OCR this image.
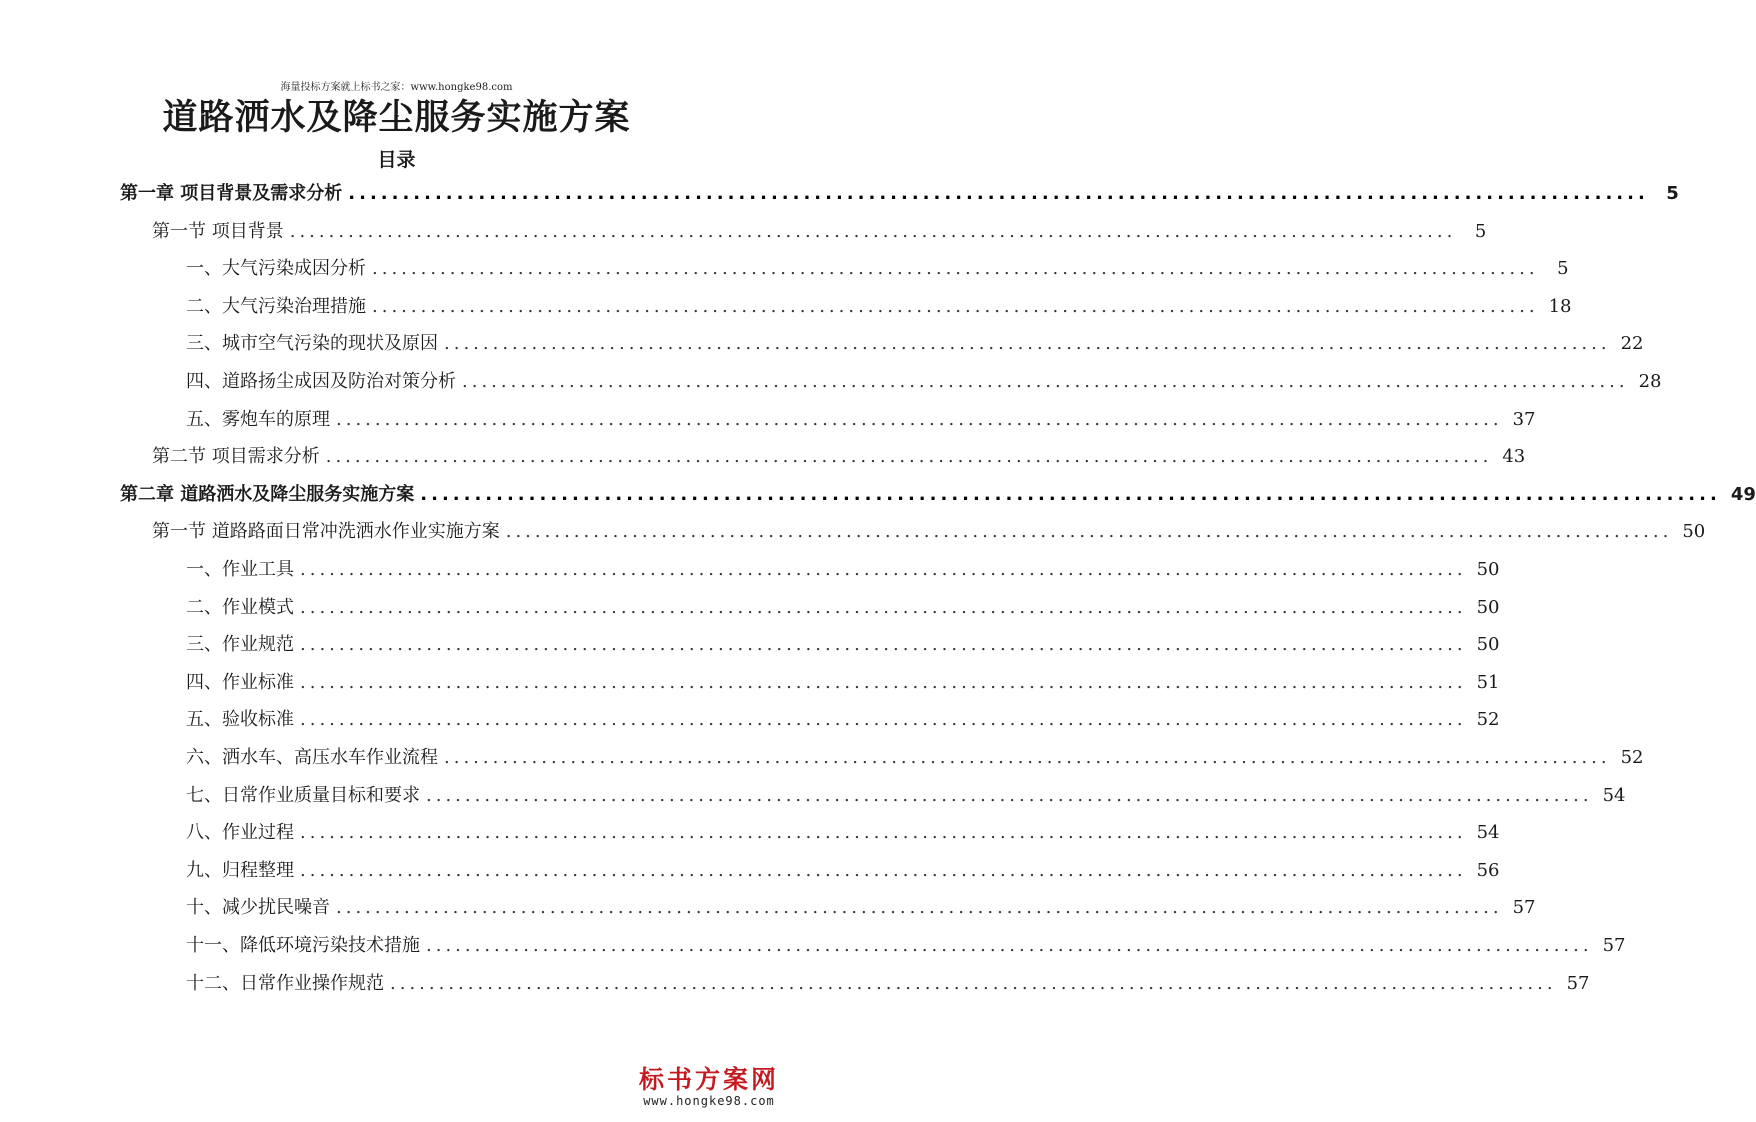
海量投标方案就上标书之家：www.hongke98.com
道路洒水及降尘服务实施方案
目录
第一章 项目背景及需求分析 ........................................................................................................................ 5
第一节 项目背景 ........................................................................................................................	5
一、大气污染成因分析 ........................................................................................................................	5
二、大气污染治理措施 ........................................................................................................................ 18
三、城市空气污染的现状及原因 ........................................................................................................................ 22
四、道路扬尘成因及防治对策分析 ........................................................................................................................ 28
五、雾炮车的原理 ........................................................................................................................ 37
第二节 项目需求分析 ........................................................................................................................ 43
第二章 道路洒水及降尘服务实施方案 ........................................................................................................................ 49
第一节 道路路面日常冲洗洒水作业实施方案 ........................................................................................................................ 50
一、作业工具 ........................................................................................................................ 50
二、作业模式 ........................................................................................................................ 50
三、作业规范 ........................................................................................................................ 50
四、作业标准 ........................................................................................................................ 51
五、验收标准 ........................................................................................................................ 52
六、洒水车、高压水车作业流程 ........................................................................................................................ 52
七、日常作业质量目标和要求 ........................................................................................................................ 54
八、作业过程 ........................................................................................................................ 54
九、归程整理 ........................................................................................................................ 56
十、减少扰民噪音 ........................................................................................................................ 57
十一、降低环境污染技术措施 ........................................................................................................................ 57
十二、日常作业操作规范 ........................................................................................................................ 57
标书方案网
www.hongke98.com
